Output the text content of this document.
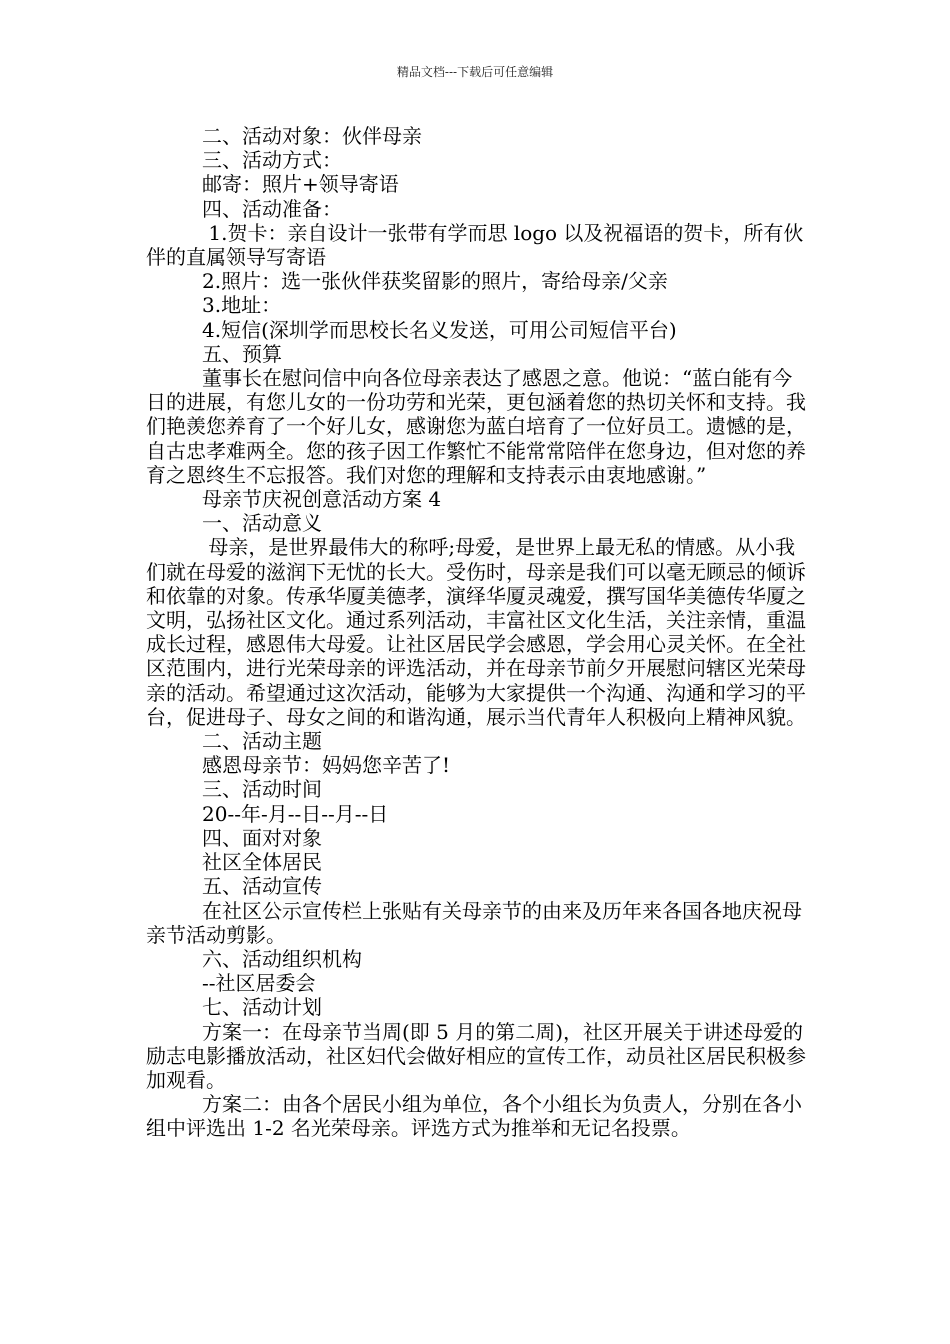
精品文档---下载后可任意编辑

二、活动对象：伙伴母亲

三、活动方式：

邮寄：照片+领导寄语

四、活动准备：

1.贺卡：亲自设计一张带有学而思 logo 以及祝福语的贺卡，所有伙伴的直属领导写寄语

2.照片：选一张伙伴获奖留影的照片，寄给母亲/父亲

3.地址：

4.短信(深圳学而思校长名义发送，可用公司短信平台)

五、预算

董事长在慰问信中向各位母亲表达了感恩之意。他说：“蓝白能有今日的进展，有您儿女的一份功劳和光荣，更包涵着您的热切关怀和支持。我们艳羡您养育了一个好儿女，感谢您为蓝白培育了一位好员工。遗憾的是，自古忠孝难两全。您的孩子因工作繁忙不能常常陪伴在您身边，但对您的养育之恩终生不忘报答。我们对您的理解和支持表示由衷地感谢。”

母亲节庆祝创意活动方案 4

一、活动意义

母亲，是世界最伟大的称呼;母爱，是世界上最无私的情感。从小我们就在母爱的滋润下无忧的长大。受伤时，母亲是我们可以毫无顾忌的倾诉和依靠的对象。传承华厦美德孝，演绎华厦灵魂爱，撰写国华美德传华厦之文明，弘扬社区文化。通过系列活动，丰富社区文化生活，关注亲情，重温成长过程，感恩伟大母爱。让社区居民学会感恩，学会用心灵关怀。在全社区范围内，进行光荣母亲的评选活动，并在母亲节前夕开展慰问辖区光荣母亲的活动。希望通过这次活动，能够为大家提供一个沟通、沟通和学习的平台，促进母子、母女之间的和谐沟通，展示当代青年人积极向上精神风貌。

二、活动主题

感恩母亲节：妈妈您辛苦了!

三、活动时间

20--年-月--日--月--日

四、面对对象

社区全体居民

五、活动宣传

在社区公示宣传栏上张贴有关母亲节的由来及历年来各国各地庆祝母亲节活动剪影。

六、活动组织机构

--社区居委会

七、活动计划

方案一：在母亲节当周(即 5 月的第二周)，社区开展关于讲述母爱的励志电影播放活动，社区妇代会做好相应的宣传工作，动员社区居民积极参加观看。

方案二：由各个居民小组为单位，各个小组长为负责人，分别在各小组中评选出 1-2 名光荣母亲。评选方式为推举和无记名投票。
